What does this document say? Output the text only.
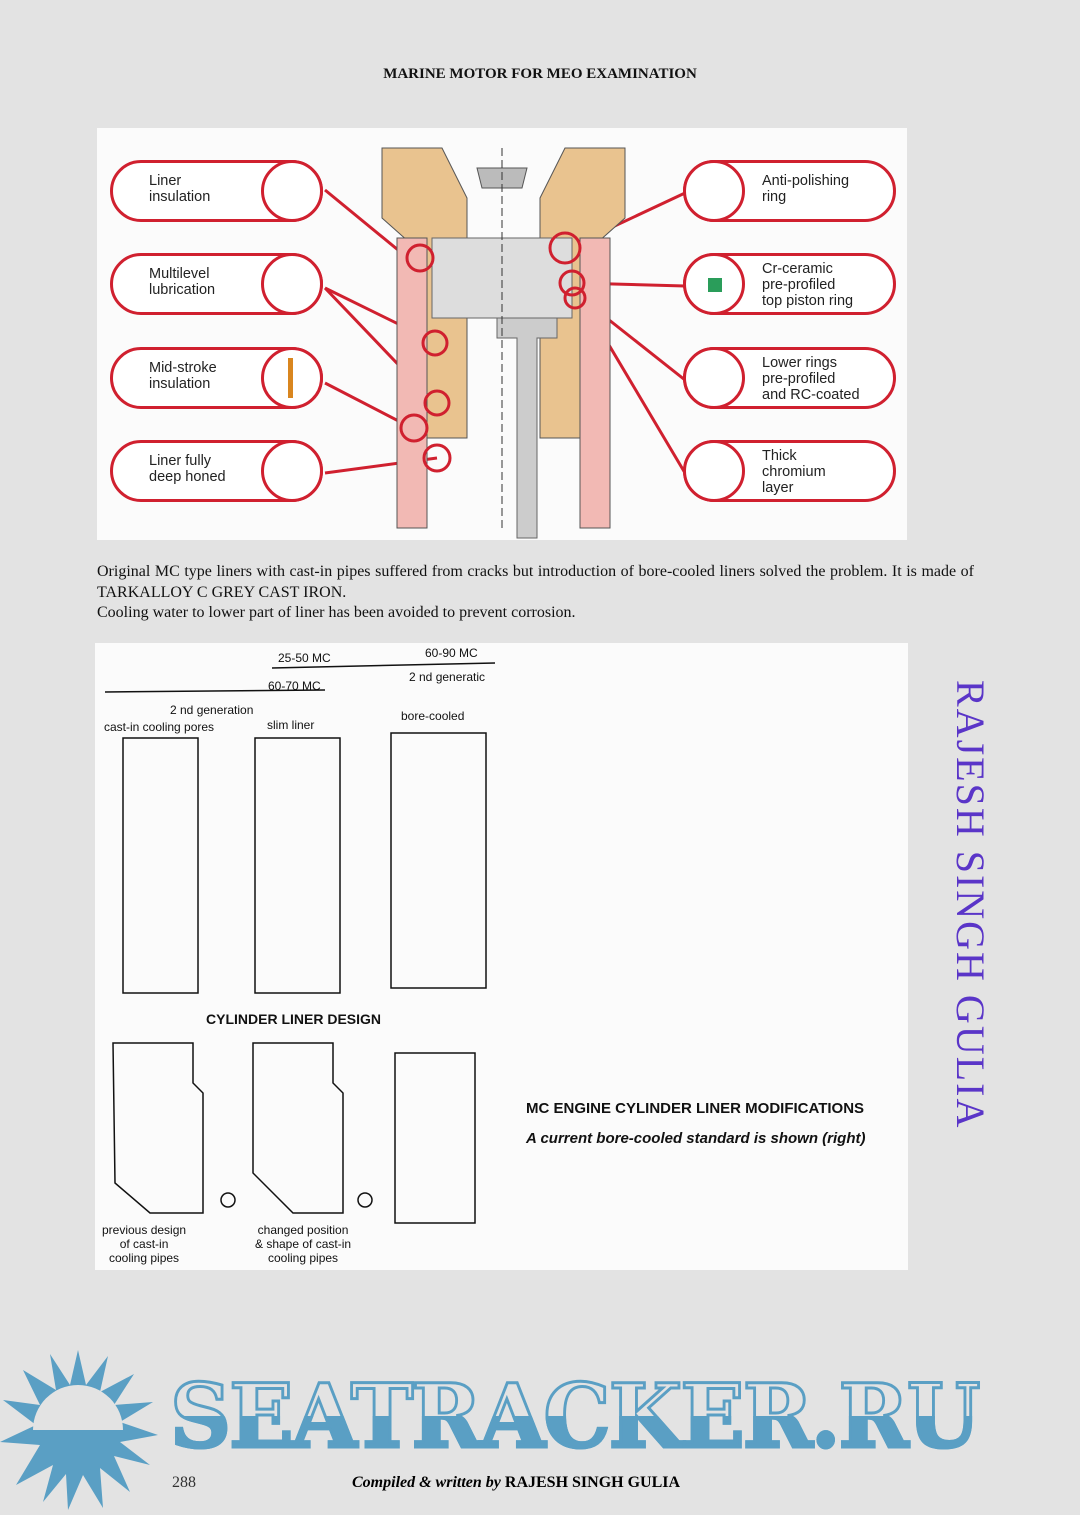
RAJESH SINGH GULIA
MARINE MOTOR FOR MEO EXAMINATION
Liner
insulation
Multilevel
lubrication
Mid-stroke
insulation
Liner fully
deep honed
Anti-polishing
ring
Cr-ceramic
pre-profiled
top piston ring
Lower rings
pre-profiled
and RC-coated
Thick
chromium
layer
Original MC type liners with cast-in pipes suffered from cracks but introduction of bore-cooled liners solved the problem. It is made of TARKALLOY C GREY CAST IRON.
Cooling water to lower part of liner has been avoided to prevent corrosion.
25-50 MC	60-90 MC
2 nd generatic
60-70 MC
2 nd generation
cast-in cooling pores	slim liner
bore-cooled
CYLINDER LINER DESIGN
previous design
of cast-in
cooling pipes
changed position
& shape of cast-in
cooling pipes
MC ENGINE CYLINDER LINER MODIFICATIONS
A current bore-cooled standard is shown (right)
SEATRACKER.RU
288	Compiled & written by RAJESH SINGH GULIA
